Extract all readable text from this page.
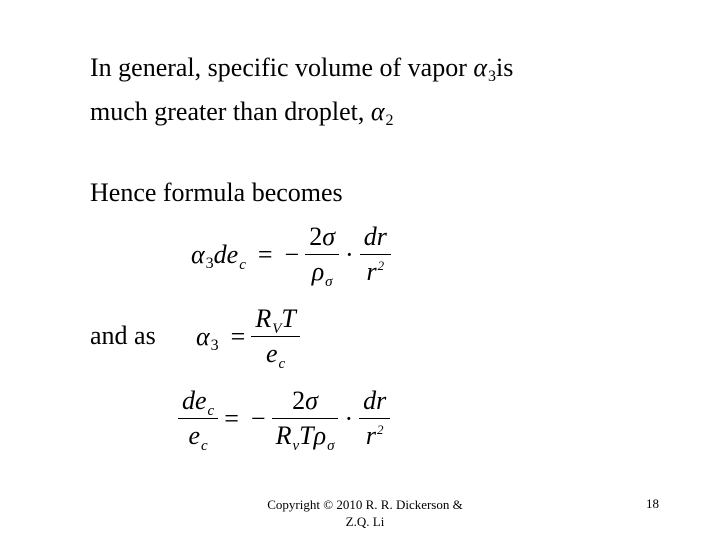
In general, specific volume of vapor α3is
much greater than droplet, α2
Hence formula becomes
$\alpha 3de_c$ = − $\frac{2\sigma}{\rho_\sigma} \cdot \frac{dr}{r^2}$
and as $\alpha 3 = \frac{R_VT}{e_c}$
$\frac{de_c}{e_c}$ = − $\frac{2\sigma}{R_vT\rho_\sigma} \cdot \frac{dr}{r^2}$
Copyright © 2010 R. R. Dickerson &
Z.Q. Li
18
